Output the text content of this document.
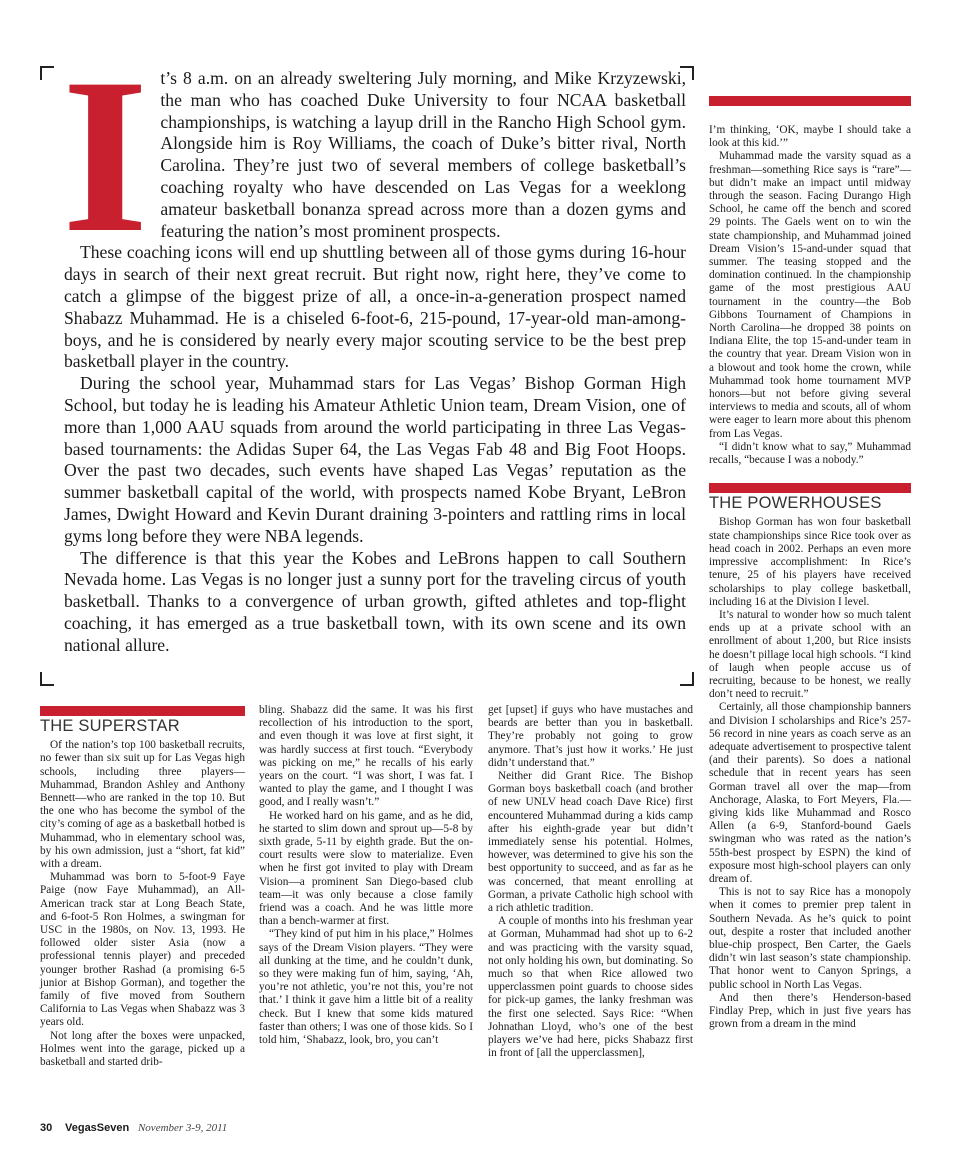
I t’s 8 a.m. on an already sweltering July morning, and Mike Krzyzewski, the man who has coached Duke University to four NCAA basketball championships, is watching a layup drill in the Rancho High School gym. Alongside him is Roy Williams, the coach of Duke’s bitter rival, North Carolina. They’re just two of several members of college basketball’s coaching royalty who have descended on Las Vegas for a weeklong amateur basketball bonanza spread across more than a dozen gyms and featuring the nation’s most prominent prospects.

These coaching icons will end up shuttling between all of those gyms during 16-hour days in search of their next great recruit. But right now, right here, they’ve come to catch a glimpse of the biggest prize of all, a once-in-a-generation prospect named Shabazz Muhammad. He is a chiseled 6-foot-6, 215-pound, 17-year-old man-among-boys, and he is considered by nearly every major scouting service to be the best prep basketball player in the country.

During the school year, Muhammad stars for Las Vegas’ Bishop Gorman High School, but today he is leading his Amateur Athletic Union team, Dream Vision, one of more than 1,000 AAU squads from around the world participating in three Las Vegas-based tournaments: the Adidas Super 64, the Las Vegas Fab 48 and Big Foot Hoops. Over the past two decades, such events have shaped Las Vegas’ reputation as the summer basketball capital of the world, with prospects named Kobe Bryant, LeBron James, Dwight Howard and Kevin Durant draining 3-pointers and rattling rims in local gyms long before they were NBA legends.

The difference is that this year the Kobes and LeBrons happen to call Southern Nevada home. Las Vegas is no longer just a sunny port for the traveling circus of youth basketball. Thanks to a convergence of urban growth, gifted athletes and top-flight coaching, it has emerged as a true basketball town, with its own scene and its own national allure.

I’m thinking, ‘OK, maybe I should take a look at this kid.’”

Muhammad made the varsity squad as a freshman—something Rice says is “rare”—but didn’t make an impact until midway through the season. Facing Durango High School, he came off the bench and scored 29 points. The Gaels went on to win the state championship, and Muhammad joined Dream Vision’s 15-and-under squad that summer. The teasing stopped and the domination continued. In the championship game of the most prestigious AAU tournament in the country—the Bob Gibbons Tournament of Champions in North Carolina—he dropped 38 points on Indiana Elite, the top 15-and-under team in the country that year. Dream Vision won in a blowout and took home the crown, while Muhammad took home tournament MVP honors—but not before giving several interviews to media and scouts, all of whom were eager to learn more about this phenom from Las Vegas.

“I didn’t know what to say,” Muhammad recalls, “because I was a nobody.”

THE POWERHOUSES

Bishop Gorman has won four basketball state championships since Rice took over as head coach in 2002. Perhaps an even more impressive accomplishment: In Rice’s tenure, 25 of his players have received scholarships to play college basketball, including 16 at the Division I level.

It’s natural to wonder how so much talent ends up at a private school with an enrollment of about 1,200, but Rice insists he doesn’t pillage local high schools. “I kind of laugh when people accuse us of recruiting, because to be honest, we really don’t need to recruit.”

Certainly, all those championship banners and Division I scholarships and Rice’s 257-56 record in nine years as coach serve as an adequate advertisement to prospective talent (and their parents). So does a national schedule that in recent years has seen Gorman travel all over the map—from Anchorage, Alaska, to Fort Meyers, Fla.—giving kids like Muhammad and Rosco Allen (a 6-9, Stanford-bound Gaels swingman who was rated as the nation’s 55th-best prospect by ESPN) the kind of exposure most high-school players can only dream of.

This is not to say Rice has a monopoly when it comes to premier prep talent in Southern Nevada. As he’s quick to point out, despite a roster that included another blue-chip prospect, Ben Carter, the Gaels didn’t win last season’s state championship. That honor went to Canyon Springs, a public school in North Las Vegas.

And then there’s Henderson-based Findlay Prep, which in just five years has grown from a dream in the mind

THE SUPERSTAR

Of the nation’s top 100 basketball recruits, no fewer than six suit up for Las Vegas high schools, including three players—Muhammad, Brandon Ashley and Anthony Bennett—who are ranked in the top 10. But the one who has become the symbol of the city’s coming of age as a basketball hotbed is Muhammad, who in elementary school was, by his own admission, just a “short, fat kid” with a dream.

Muhammad was born to 5-foot-9 Faye Paige (now Faye Muhammad), an All-American track star at Long Beach State, and 6-foot-5 Ron Holmes, a swingman for USC in the 1980s, on Nov. 13, 1993. He followed older sister Asia (now a professional tennis player) and preceded younger brother Rashad (a promising 6-5 junior at Bishop Gorman), and together the family of five moved from Southern California to Las Vegas when Shabazz was 3 years old.

Not long after the boxes were unpacked, Holmes went into the garage, picked up a basketball and started drib-

bling. Shabazz did the same. It was his first recollection of his introduction to the sport, and even though it was love at first sight, it was hardly success at first touch. “Everybody was picking on me,” he recalls of his early years on the court. “I was short, I was fat. I wanted to play the game, and I thought I was good, and I really wasn’t.”

He worked hard on his game, and as he did, he started to slim down and sprout up—5-8 by sixth grade, 5-11 by eighth grade. But the on-court results were slow to materialize. Even when he first got invited to play with Dream Vision—a prominent San Diego-based club team—it was only because a close family friend was a coach. And he was little more than a bench-warmer at first.

“They kind of put him in his place,” Holmes says of the Dream Vision players. “They were all dunking at the time, and he couldn’t dunk, so they were making fun of him, saying, ‘Ah, you’re not athletic, you’re not this, you’re not that.’ I think it gave him a little bit of a reality check. But I knew that some kids matured faster than others; I was one of those kids. So I told him, ‘Shabazz, look, bro, you can’t

get [upset] if guys who have mustaches and beards are better than you in basketball. They’re probably not going to grow anymore. That’s just how it works.’ He just didn’t understand that.”

Neither did Grant Rice. The Bishop Gorman boys basketball coach (and brother of new UNLV head coach Dave Rice) first encountered Muhammad during a kids camp after his eighth-grade year but didn’t immediately sense his potential. Holmes, however, was determined to give his son the best opportunity to succeed, and as far as he was concerned, that meant enrolling at Gorman, a private Catholic high school with a rich athletic tradition.

A couple of months into his freshman year at Gorman, Muhammad had shot up to 6-2 and was practicing with the varsity squad, not only holding his own, but dominating. So much so that when Rice allowed two upperclassmen point guards to choose sides for pick-up games, the lanky freshman was the first one selected. Says Rice: “When Johnathan Lloyd, who’s one of the best players we’ve had here, picks Shabazz first in front of [all the upperclassmen],

30 VegasSeven November 3-9, 2011
